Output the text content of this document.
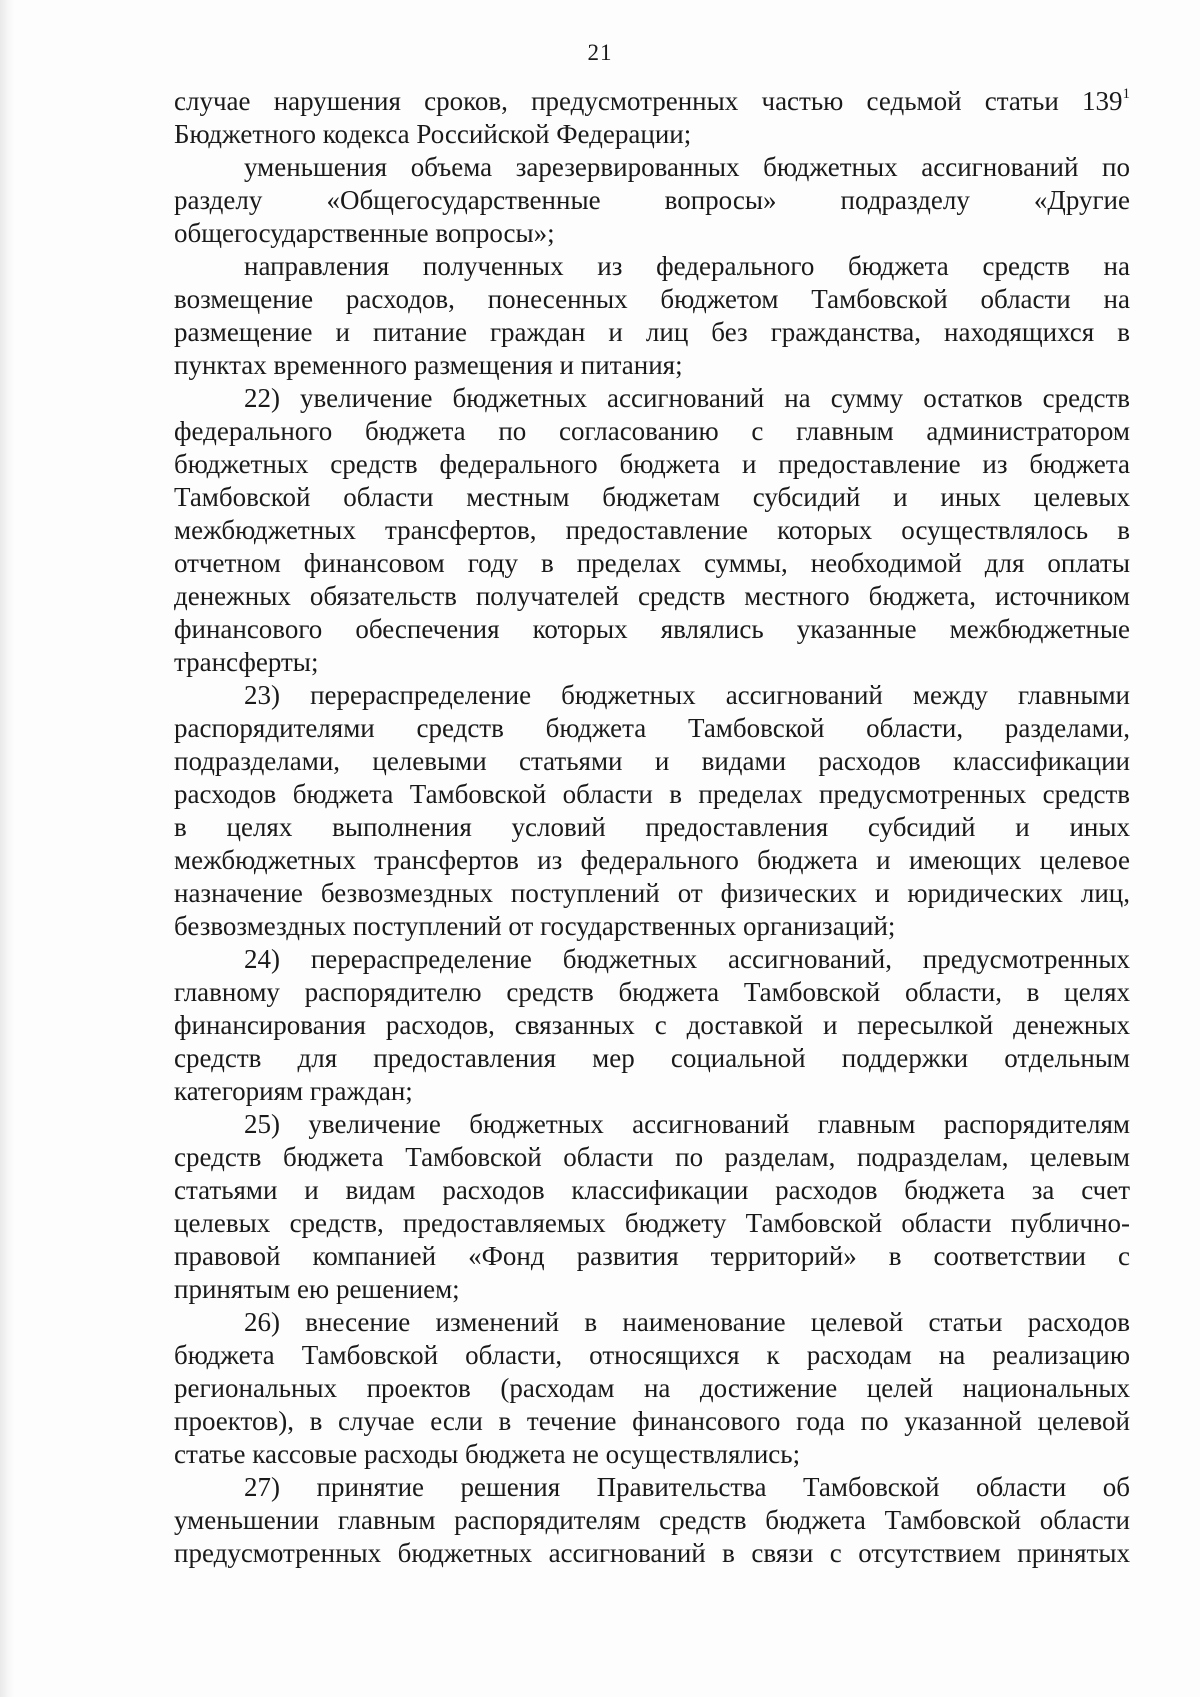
21
случае нарушения сроков, предусмотренных частью седьмой статьи $139^1$
Бюджетного кодекса Российской Федерации;
уменьшения объема зарезервированных бюджетных ассигнований по
разделу «Общегосударственные вопросы» подразделу «Другие
общегосударственные вопросы»;
направления полученных из федерального бюджета средств на
возмещение расходов, понесенных бюджетом Тамбовской области на
размещение и питание граждан и лиц без гражданства, находящихся в
пунктах временного размещения и питания;
22) увеличение бюджетных ассигнований на сумму остатков средств
федерального бюджета по согласованию с главным администратором
бюджетных средств федерального бюджета и предоставление из бюджета
Тамбовской области местным бюджетам субсидий и иных целевых
межбюджетных трансфертов, предоставление которых осуществлялось в
отчетном финансовом году в пределах суммы, необходимой для оплаты
денежных обязательств получателей средств местного бюджета, источником
финансового обеспечения которых являлись указанные межбюджетные
трансферты;
23) перераспределение бюджетных ассигнований между главными
распорядителями средств бюджета Тамбовской области, разделами,
подразделами, целевыми статьями и видами расходов классификации
расходов бюджета Тамбовской области в пределах предусмотренных средств
в целях выполнения условий предоставления субсидий и иных
межбюджетных трансфертов из федерального бюджета и имеющих целевое
назначение безвозмездных поступлений от физических и юридических лиц,
безвозмездных поступлений от государственных организаций;
24) перераспределение бюджетных ассигнований, предусмотренных
главному распорядителю средств бюджета Тамбовской области, в целях
финансирования расходов, связанных с доставкой и пересылкой денежных
средств для предоставления мер социальной поддержки отдельным
категориям граждан;
25) увеличение бюджетных ассигнований главным распорядителям
средств бюджета Тамбовской области по разделам, подразделам, целевым
статьями и видам расходов классификации расходов бюджета за счет
целевых средств, предоставляемых бюджету Тамбовской области публично-
правовой компанией «Фонд развития территорий» в соответствии с
принятым ею решением;
26) внесение изменений в наименование целевой статьи расходов
бюджета Тамбовской области, относящихся к расходам на реализацию
региональных проектов (расходам на достижение целей национальных
проектов), в случае если в течение финансового года по указанной целевой
статье кассовые расходы бюджета не осуществлялись;
27) принятие решения Правительства Тамбовской области об
уменьшении главным распорядителям средств бюджета Тамбовской области
предусмотренных бюджетных ассигнований в связи с отсутствием принятых
